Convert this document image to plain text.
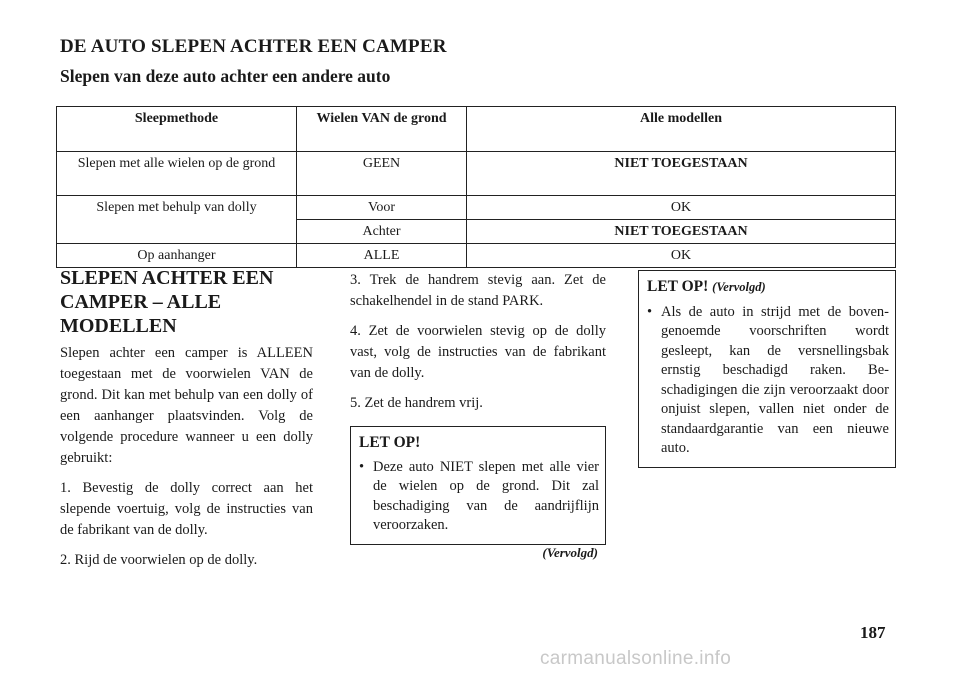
DE AUTO SLEPEN ACHTER EEN CAMPER
Slepen van deze auto achter een andere auto
Sleepmethode	Wielen VAN de grond	Alle modellen
Slepen met alle wielen op de grond	GEEN	NIET TOEGESTAAN
Slepen met behulp van dolly	Voor	OK
	Achter	NIET TOEGESTAAN
Op aanhanger	ALLE	OK
SLEPEN ACHTER EEN CAMPER – ALLE MODELLEN

Slepen achter een camper is ALLEEN toegestaan met de voorwielen VAN de grond. Dit kan met behulp van een dolly of een aanhanger plaatsvinden. Volg de volgende procedure wanneer u een dolly gebruikt:

1. Bevestig de dolly correct aan het slepende voertuig, volg de instructies van de fabrikant van de dolly.

2. Rijd de voorwielen op de dolly.

3. Trek de handrem stevig aan. Zet de schakelhendel in de stand PARK.

4. Zet de voorwielen stevig op de dolly vast, volg de instructies van de fabrikant van de dolly.

5. Zet de handrem vrij.

LET OP!
• Deze auto NIET slepen met alle vier de wielen op de grond. Dit zal beschadiging van de aandrijflijn veroorzaken.
(Vervolgd)
LET OP! (Vervolgd)
• Als de auto in strijd met de boven-genoemde voorschriften wordt gesleept, kan de versnellingsbak ernstig beschadigd raken. Be-schadigingen die zijn veroorzaakt door onjuist slepen, vallen niet onder de standaardgarantie van een nieuwe auto.
187
carmanualsonline.info
